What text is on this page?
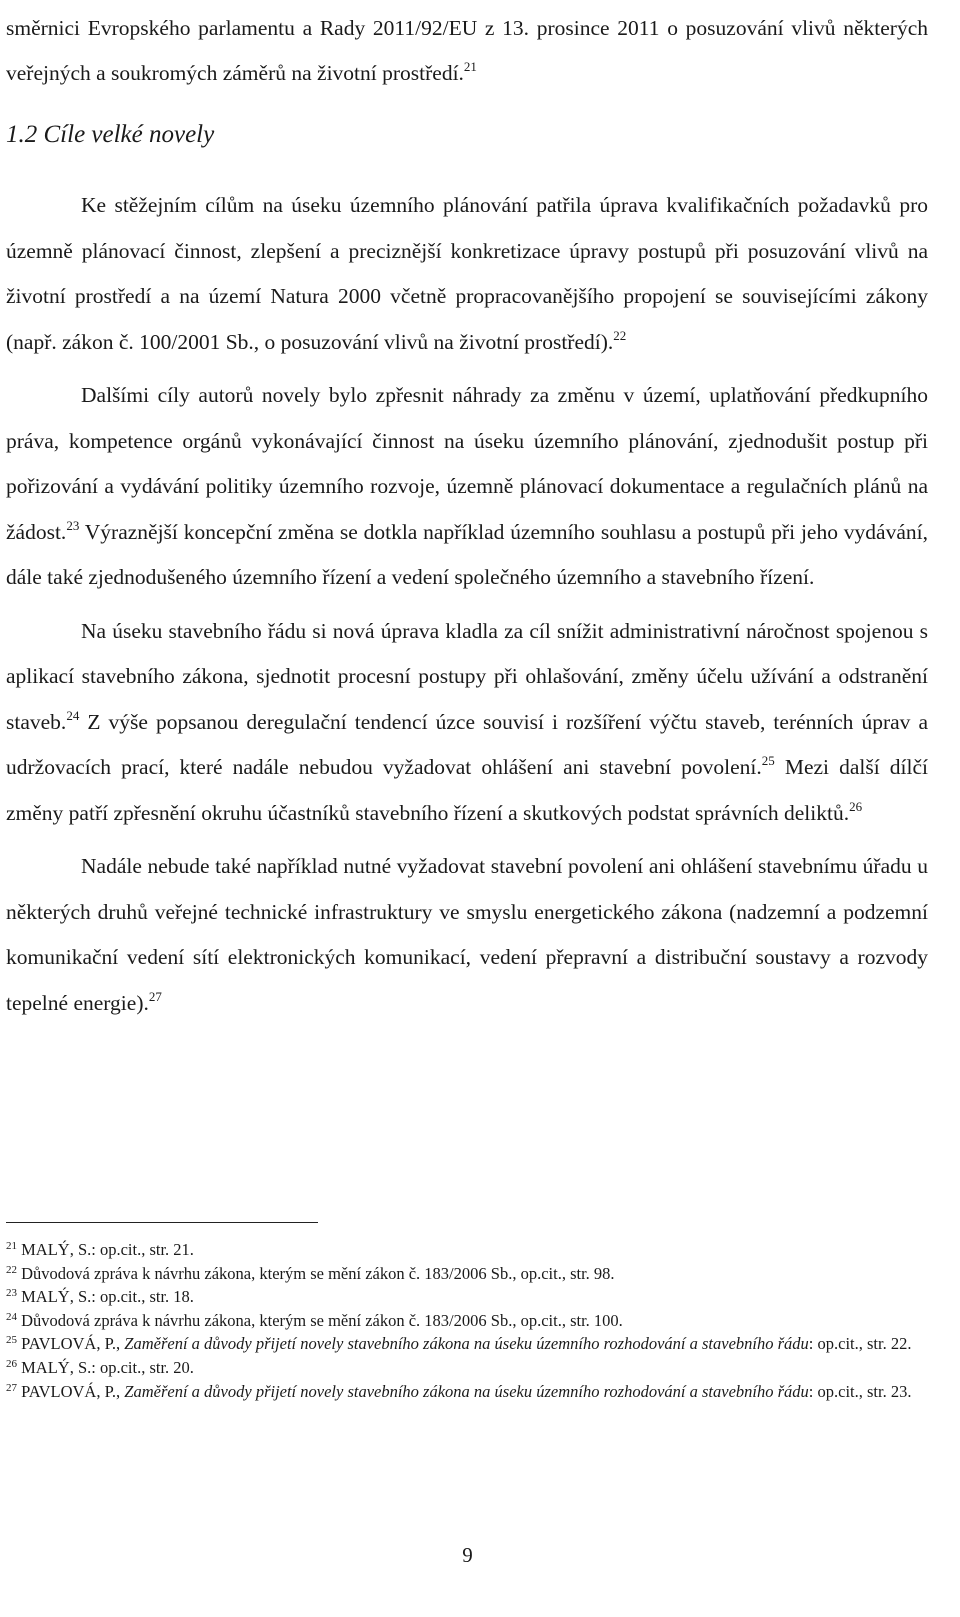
směrnici Evropského parlamentu a Rady 2011/92/EU z 13. prosince 2011 o posuzování vlivů některých veřejných a soukromých záměrů na životní prostředí.$^{21}$

1.2 Cíle velké novely

Ke stěžejním cílům na úseku územního plánování patřila úprava kvalifikačních požadavků pro územně plánovací činnost, zlepšení a preciznější konkretizace úpravy postupů při posuzování vlivů na životní prostředí a na území Natura 2000 včetně propracovanějšího propojení se souvisejícími zákony (např. zákon č. 100/2001 Sb., o posuzování vlivů na životní prostředí).$^{22}$

Dalšími cíly autorů novely bylo zpřesnit náhrady za změnu v území, uplatňování předkupního práva, kompetence orgánů vykonávající činnost na úseku územního plánování, zjednodušit postup při pořizování a vydávání politiky územního rozvoje, územně plánovací dokumentace a regulačních plánů na žádost.$^{23}$ Výraznější koncepční změna se dotkla například územního souhlasu a postupů při jeho vydávání, dále také zjednodušeného územního řízení a vedení společného územního a stavebního řízení.

Na úseku stavebního řádu si nová úprava kladla za cíl snížit administrativní náročnost spojenou s aplikací stavebního zákona, sjednotit procesní postupy při ohlašování, změny účelu užívání a odstranění staveb.$^{24}$ Z výše popsanou deregulační tendencí úzce souvisí i rozšíření výčtu staveb, terénních úprav a udržovacích prací, které nadále nebudou vyžadovat ohlášení ani stavební povolení.$^{25}$ Mezi další dílčí změny patří zpřesnění okruhu účastníků stavebního řízení a skutkových podstat správních deliktů.$^{26}$

Nadále nebude také například nutné vyžadovat stavební povolení ani ohlášení stavebnímu úřadu u některých druhů veřejné technické infrastruktury ve smyslu energetického zákona (nadzemní a podzemní komunikační vedení sítí elektronických komunikací, vedení přepravní a distribuční soustavy a rozvody tepelné energie).$^{27}$

$^{21}$ MALÝ, S.: op.cit., str. 21.

$^{22}$ Důvodová zpráva k návrhu zákona, kterým se mění zákon č. 183/2006 Sb., op.cit., str. 98.

$^{23}$ MALÝ, S.: op.cit., str. 18.

$^{24}$ Důvodová zpráva k návrhu zákona, kterým se mění zákon č. 183/2006 Sb., op.cit., str. 100.

$^{25}$ PAVLOVÁ, P., Zaměření a důvody přijetí novely stavebního zákona na úseku územního rozhodování a stavebního řádu: op.cit., str. 22.

$^{26}$ MALÝ, S.: op.cit., str. 20.

$^{27}$ PAVLOVÁ, P., Zaměření a důvody přijetí novely stavebního zákona na úseku územního rozhodování a stavebního řádu: op.cit., str. 23.

9
